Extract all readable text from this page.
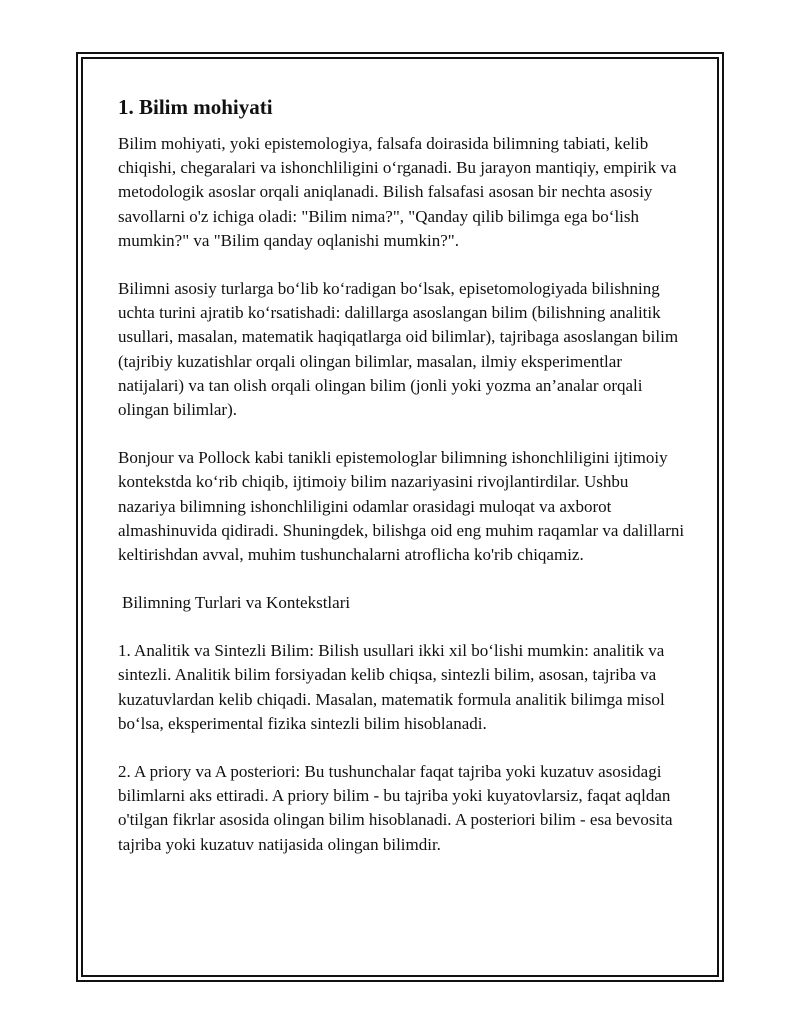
1. Bilim mohiyati

Bilim mohiyati, yoki epistemologiya, falsafa doirasida bilimning tabiati, kelib chiqishi, chegaralari va ishonchliligini o‘rganadi. Bu jarayon mantiqiy, empirik va metodologik asoslar orqali aniqlanadi. Bilish falsafasi asosan bir nechta asosiy savollarni o'z ichiga oladi: "Bilim nima?", "Qanday qilib bilimga ega bo‘lish mumkin?" va "Bilim qanday oqlanishi mumkin?".

Bilimni asosiy turlarga bo‘lib ko‘radigan bo‘lsak, episetomologiyada bilishning uchta turini ajratib ko‘rsatishadi: dalillarga asoslangan bilim (bilishning analitik usullari, masalan, matematik haqiqatlarga oid bilimlar), tajribaga asoslangan bilim (tajribiy kuzatishlar orqali olingan bilimlar, masalan, ilmiy eksperimentlar natijalari) va tan olish orqali olingan bilim (jonli yoki yozma an’analar orqali olingan bilimlar).

Bonjour va Pollock kabi tanikli epistemologlar bilimning ishonchliligini ijtimoiy kontekstda ko‘rib chiqib, ijtimoiy bilim nazariyasini rivojlantirdilar. Ushbu nazariya bilimning ishonchliligini odamlar orasidagi muloqat va axborot almashinuvida qidiradi. Shuningdek, bilishga oid eng muhim raqamlar va dalillarni keltirishdan avval, muhim tushunchalarni atroflicha ko'rib chiqamiz.

Bilimning Turlari va Kontekstlari

1. Analitik va Sintezli Bilim: Bilish usullari ikki xil bo‘lishi mumkin: analitik va sintezli. Analitik bilim forsiyadan kelib chiqsa, sintezli bilim, asosan, tajriba va kuzatuvlardan kelib chiqadi. Masalan, matematik formula analitik bilimga misol bo‘lsa, eksperimental fizika sintezli bilim hisoblanadi.

2. A priory va A posteriori: Bu tushunchalar faqat tajriba yoki kuzatuv asosidagi bilimlarni aks ettiradi. A priory bilim - bu tajriba yoki kuyatovlarsiz, faqat aqldan o'tilgan fikrlar asosida olingan bilim hisoblanadi. A posteriori bilim - esa bevosita tajriba yoki kuzatuv natijasida olingan bilimdir.
